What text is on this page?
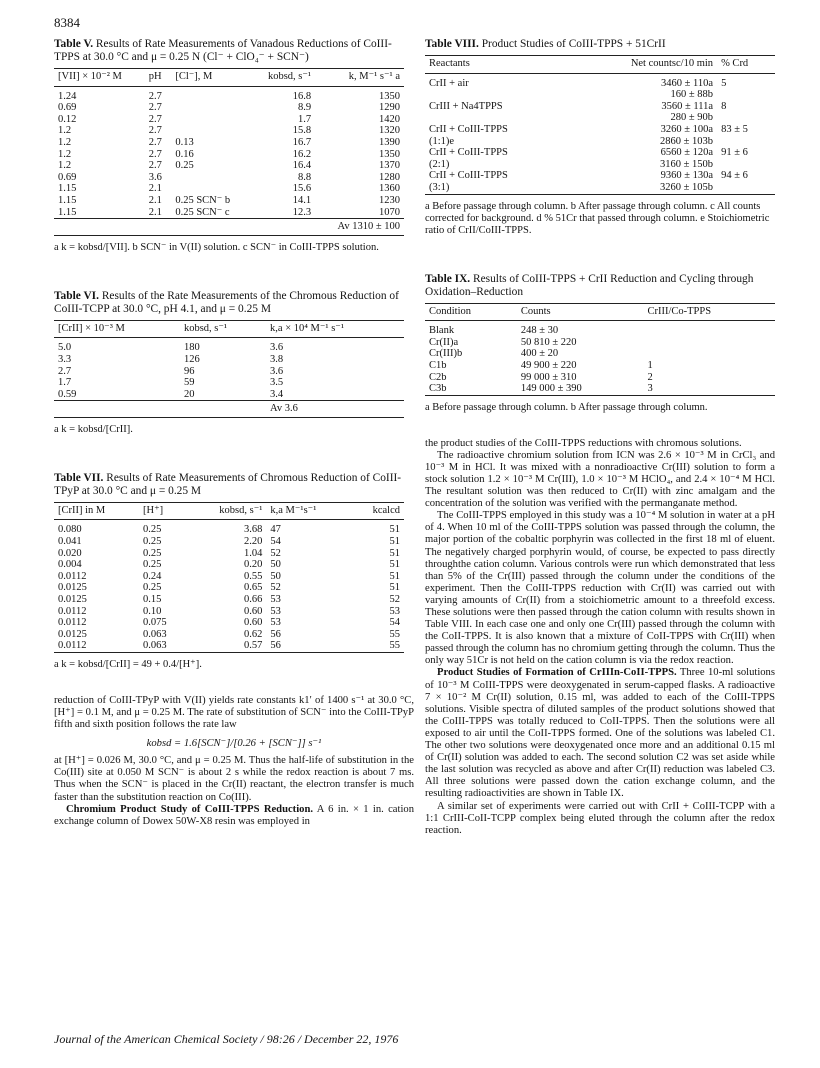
8384

Table V. Results of Rate Measurements of Vanadous Reductions of CoIII-TPPS at 30.0 °C and μ = 0.25 N (Cl⁻ + ClO₄⁻ + SCN⁻)

[VII] × 10⁻² M	pH	[Cl⁻], M	kobsd, s⁻¹	k, M⁻¹ s⁻¹ a
1.24	2.7		16.8	1350
0.69	2.7		8.9	1290
0.12	2.7		1.7	1420
1.2	2.7		15.8	1320
1.2	2.7	0.13	16.7	1390
1.2	2.7	0.16	16.2	1350
1.2	2.7	0.25	16.4	1370
0.69	3.6		8.8	1280
1.15	2.1		15.6	1360
1.15	2.1	0.25 SCN⁻ b	14.1	1230
1.15	2.1	0.25 SCN⁻ c	12.3	1070
				Av 1310 ± 100

a k = kobsd/[VII]. b SCN⁻ in V(II) solution. c SCN⁻ in CoIII-TPPS solution.

Table VI. Results of the Rate Measurements of the Chromous Reduction of CoIII-TCPP at 30.0 °C, pH 4.1, and μ = 0.25 M

[CrII] × 10⁻³ M	kobsd, s⁻¹	k,a × 10⁴ M⁻¹ s⁻¹
5.0	180	3.6
3.3	126	3.8
2.7	96	3.6
1.7	59	3.5
0.59	20	3.4
		Av 3.6

a k = kobsd/[CrII].

Table VII. Results of Rate Measurements of Chromous Reduction of CoIII-TPyP at 30.0 °C and μ = 0.25 M

[CrII] in M	[H⁺]	kobsd, s⁻¹	k,a M⁻¹s⁻¹	kcalcd
0.080	0.25	3.68	47	51
0.041	0.25	2.20	54	51
0.020	0.25	1.04	52	51
0.004	0.25	0.20	50	51
0.0112	0.24	0.55	50	51
0.0125	0.25	0.65	52	51
0.0125	0.15	0.66	53	52
0.0112	0.10	0.60	53	53
0.0112	0.075	0.60	53	54
0.0125	0.063	0.62	56	55
0.0112	0.063	0.57	56	55

a k = kobsd/[CrII] = 49 + 0.4/[H⁺].

reduction of CoIII-TPyP with V(II) yields rate constants k1′ of 1400 s⁻¹ at 30.0 °C, [H⁺] = 0.1 M, and μ = 0.25 M. The rate of substitution of SCN⁻ into the CoIII-TPyP fifth and sixth position follows the rate law

kobsd = 1.6[SCN⁻]/[0.26 + [SCN⁻]] s⁻¹

at [H⁺] = 0.026 M, 30.0 °C, and μ = 0.25 M. Thus the half-life of substitution in the Co(III) site at 0.050 M SCN⁻ is about 2 s while the redox reaction is about 7 ms. Thus when the SCN⁻ is placed in the Cr(II) reactant, the electron transfer is much faster than the substitution reaction on Co(III).

Chromium Product Study of CoIII-TPPS Reduction. A 6 in. × 1 in. cation exchange column of Dowex 50W-X8 resin was employed in

Table VIII. Product Studies of CoIII-TPPS + 51CrII

Reactants	Net countsc/10 min	% Crd
CrII + air	3460 ± 110a	5
	160 ± 88b	
CrIII + Na4TPPS	3560 ± 111a	8
	280 ± 90b	
CrII + CoIII-TPPS	3260 ± 100a	83 ± 5
(1:1)e	2860 ± 103b	
CrII + CoIII-TPPS	6560 ± 120a	91 ± 6
(2:1)	3160 ± 150b	
CrII + CoIII-TPPS	9360 ± 130a	94 ± 6
(3:1)	3260 ± 105b	

a Before passage through column. b After passage through column. c All counts corrected for background. d % 51Cr that passed through column. e Stoichiometric ratio of CrII/CoIII-TPPS.

Table IX. Results of CoIII-TPPS + CrII Reduction and Cycling through Oxidation–Reduction

Condition	Counts	CrIII/Co-TPPS
Blank	248 ± 30	
Cr(II)a	50 810 ± 220	
Cr(III)b	400 ± 20	
C1b	49 900 ± 220	1
C2b	99 000 ± 310	2
C3b	149 000 ± 390	3

a Before passage through column. b After passage through column.

the product studies of the CoIII-TPPS reductions with chromous solutions.

The radioactive chromium solution from ICN was 2.6 × 10⁻³ M in CrCl₃ and 10⁻³ M in HCl. It was mixed with a nonradioactive Cr(III) solution to form a stock solution 1.2 × 10⁻³ M Cr(III), 1.0 × 10⁻³ M HClO₄, and 2.4 × 10⁻⁴ M HCl. The resultant solution was then reduced to Cr(II) with zinc amalgam and the concentration of the solution was verified with the permanganate method.

The CoIII-TPPS employed in this study was a 10⁻⁴ M solution in water at a pH of 4. When 10 ml of the CoIII-TPPS solution was passed through the column, the major portion of the cobaltic porphyrin was collected in the first 18 ml of eluent. The negatively charged porphyrin would, of course, be expected to pass directly throughthe cation column. Various controls were run which demonstrated that less than 5% of the Cr(III) passed through the column under the conditions of the experiment. Then the CoIII-TPPS reduction with Cr(II) was carried out with varying amounts of Cr(II) from a stoichiometric amount to a threefold excess. These solutions were then passed through the cation column with results shown in Table VIII. In each case one and only one Cr(III) passed through the column with the CoII-TPPS. It is also known that a mixture of CoII-TPPS with Cr(III) when passed through the column has no chromium getting through the column. Thus the only way 51Cr is not held on the cation column is via the redox reaction.

Product Studies of Formation of CrIIIn-CoII-TPPS. Three 10-ml solutions of 10⁻³ M CoIII-TPPS were deoxygenated in serum-capped flasks. A radioactive 7 × 10⁻² M Cr(II) solution, 0.15 ml, was added to each of the CoIII-TPPS solutions. Visible spectra of diluted samples of the product solutions showed that the CoIII-TPPS was totally reduced to CoII-TPPS. Then the solutions were all exposed to air until the CoII-TPPS formed. One of the solutions was labeled C1. The other two solutions were deoxygenated once more and an additional 0.15 ml of Cr(II) solution was added to each. The second solution C2 was set aside while the last solution was recycled as above and after Cr(II) reduction was labeled C3. All three solutions were passed down the cation exchange column, and the resulting radioactivities are shown in Table IX.

A similar set of experiments were carried out with CrII + CoIII-TCPP with a 1:1 CrIII-CoII-TCPP complex being eluted through the column after the redox reaction.

Journal of the American Chemical Society / 98:26 / December 22, 1976
